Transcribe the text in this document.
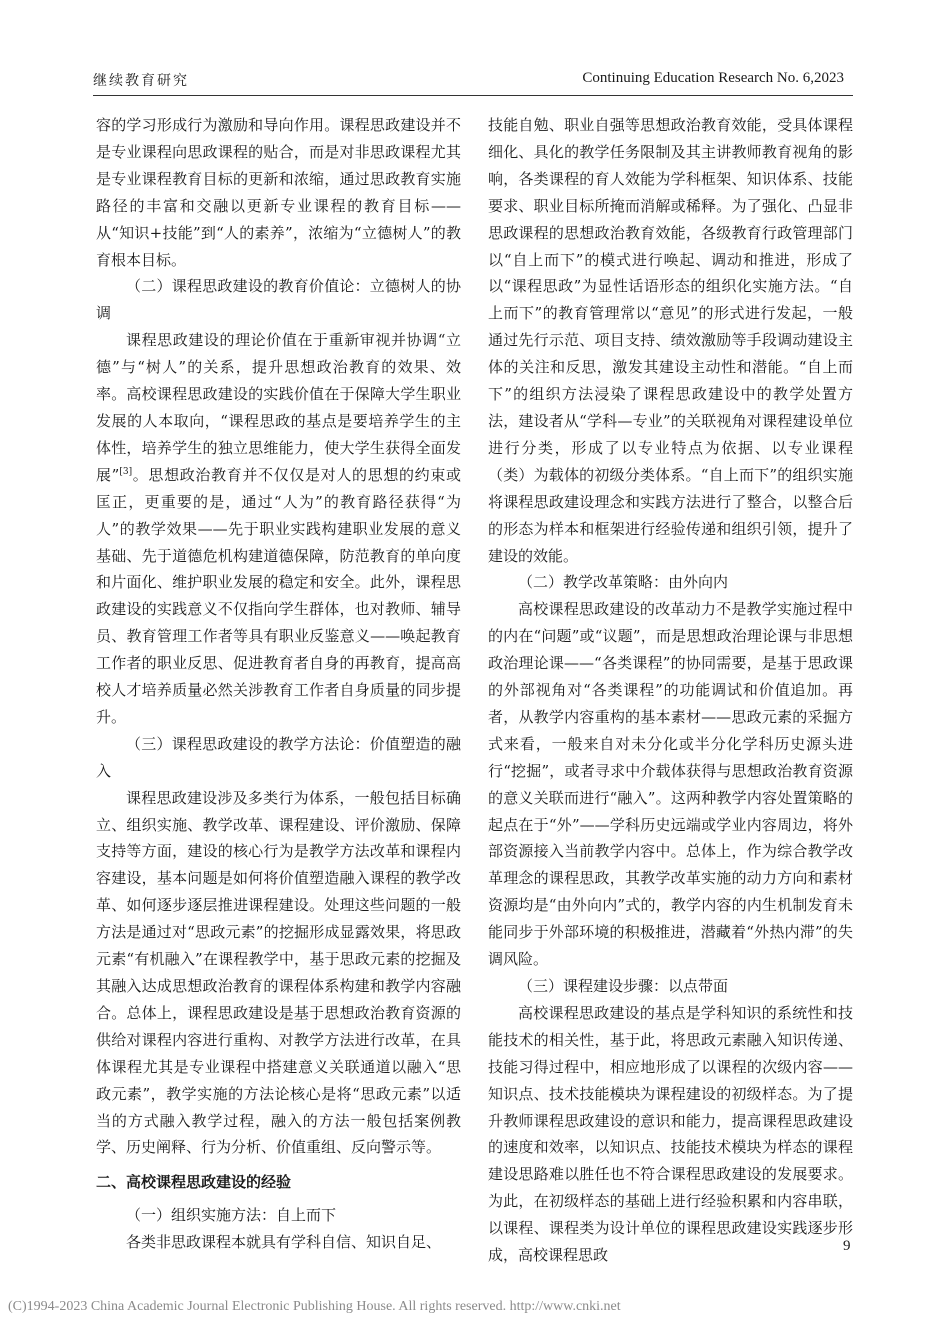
继续教育研究	Continuing Education Research No. 6,2023

容的学习形成行为激励和导向作用。课程思政建设并不是专业课程向思政课程的贴合，而是对非思政课程尤其是专业课程教育目标的更新和浓缩，通过思政教育实施路径的丰富和交融以更新专业课程的教育目标——从“知识+技能”到“人的素养”，浓缩为“立德树人”的教育根本目标。

（二）课程思政建设的教育价值论：立德树人的协调

课程思政建设的理论价值在于重新审视并协调“立德”与“树人”的关系，提升思想政治教育的效果、效率。高校课程思政建设的实践价值在于保障大学生职业发展的人本取向，“课程思政的基点是要培养学生的主体性，培养学生的独立思维能力，使大学生获得全面发展”[3]。思想政治教育并不仅仅是对人的思想的约束或匡正，更重要的是，通过“人为”的教育路径获得“为人”的教学效果——先于职业实践构建职业发展的意义基础、先于道德危机构建道德保障，防范教育的单向度和片面化、维护职业发展的稳定和安全。此外，课程思政建设的实践意义不仅指向学生群体，也对教师、辅导员、教育管理工作者等具有职业反鉴意义——唤起教育工作者的职业反思、促进教育者自身的再教育，提高高校人才培养质量必然关涉教育工作者自身质量的同步提升。

（三）课程思政建设的教学方法论：价值塑造的融入

课程思政建设涉及多类行为体系，一般包括目标确立、组织实施、教学改革、课程建设、评价激励、保障支持等方面，建设的核心行为是教学方法改革和课程内容建设，基本问题是如何将价值塑造融入课程的教学改革、如何逐步逐层推进课程建设。处理这些问题的一般方法是通过对“思政元素”的挖掘形成显露效果，将思政元素“有机融入”在课程教学中，基于思政元素的挖掘及其融入达成思想政治教育的课程体系构建和教学内容融合。总体上，课程思政建设是基于思想政治教育资源的供给对课程内容进行重构、对教学方法进行改革，在具体课程尤其是专业课程中搭建意义关联通道以融入“思政元素”，教学实施的方法论核心是将“思政元素”以适当的方式融入教学过程，融入的方法一般包括案例教学、历史阐释、行为分析、价值重组、反向警示等。

二、高校课程思政建设的经验

（一）组织实施方法：自上而下

各类非思政课程本就具有学科自信、知识自足、

技能自勉、职业自强等思想政治教育效能，受具体课程细化、具化的教学任务限制及其主讲教师教育视角的影响，各类课程的育人效能为学科框架、知识体系、技能要求、职业目标所掩而消解或稀释。为了强化、凸显非思政课程的思想政治教育效能，各级教育行政管理部门以“自上而下”的模式进行唤起、调动和推进，形成了以“课程思政”为显性话语形态的组织化实施方法。“自上而下”的教育管理常以“意见”的形式进行发起，一般通过先行示范、项目支持、绩效激励等手段调动建设主体的关注和反思，激发其建设主动性和潜能。“自上而下”的组织方法浸染了课程思政建设中的教学处置方法，建设者从“学科—专业”的关联视角对课程建设单位进行分类，形成了以专业特点为依据、以专业课程（类）为载体的初级分类体系。“自上而下”的组织实施将课程思政建设理念和实践方法进行了整合，以整合后的形态为样本和框架进行经验传递和组织引领，提升了建设的效能。

（二）教学改革策略：由外向内

高校课程思政建设的改革动力不是教学实施过程中的内在“问题”或“议题”，而是思想政治理论课与非思想政治理论课——“各类课程”的协同需要，是基于思政课的外部视角对“各类课程”的功能调试和价值追加。再者，从教学内容重构的基本素材——思政元素的采掘方式来看，一般来自对未分化或半分化学科历史源头进行“挖掘”，或者寻求中介载体获得与思想政治教育资源的意义关联而进行“融入”。这两种教学内容处置策略的起点在于“外”——学科历史远端或学业内容周边，将外部资源接入当前教学内容中。总体上，作为综合教学改革理念的课程思政，其教学改革实施的动力方向和素材资源均是“由外向内”式的，教学内容的内生机制发育未能同步于外部环境的积极推进，潜藏着“外热内滞”的失调风险。

（三）课程建设步骤：以点带面

高校课程思政建设的基点是学科知识的系统性和技能技术的相关性，基于此，将思政元素融入知识传递、技能习得过程中，相应地形成了以课程的次级内容——知识点、技术技能模块为课程建设的初级样态。为了提升教师课程思政建设的意识和能力，提高课程思政建设的速度和效率，以知识点、技能技术模块为样态的课程建设思路难以胜任也不符合课程思政建设的发展要求。为此，在初级样态的基础上进行经验积累和内容串联，以课程、课程类为设计单位的课程思政建设实践逐步形成，高校课程思政

9
(C)1994-2023 China Academic Journal Electronic Publishing House. All rights reserved. http://www.cnki.net
